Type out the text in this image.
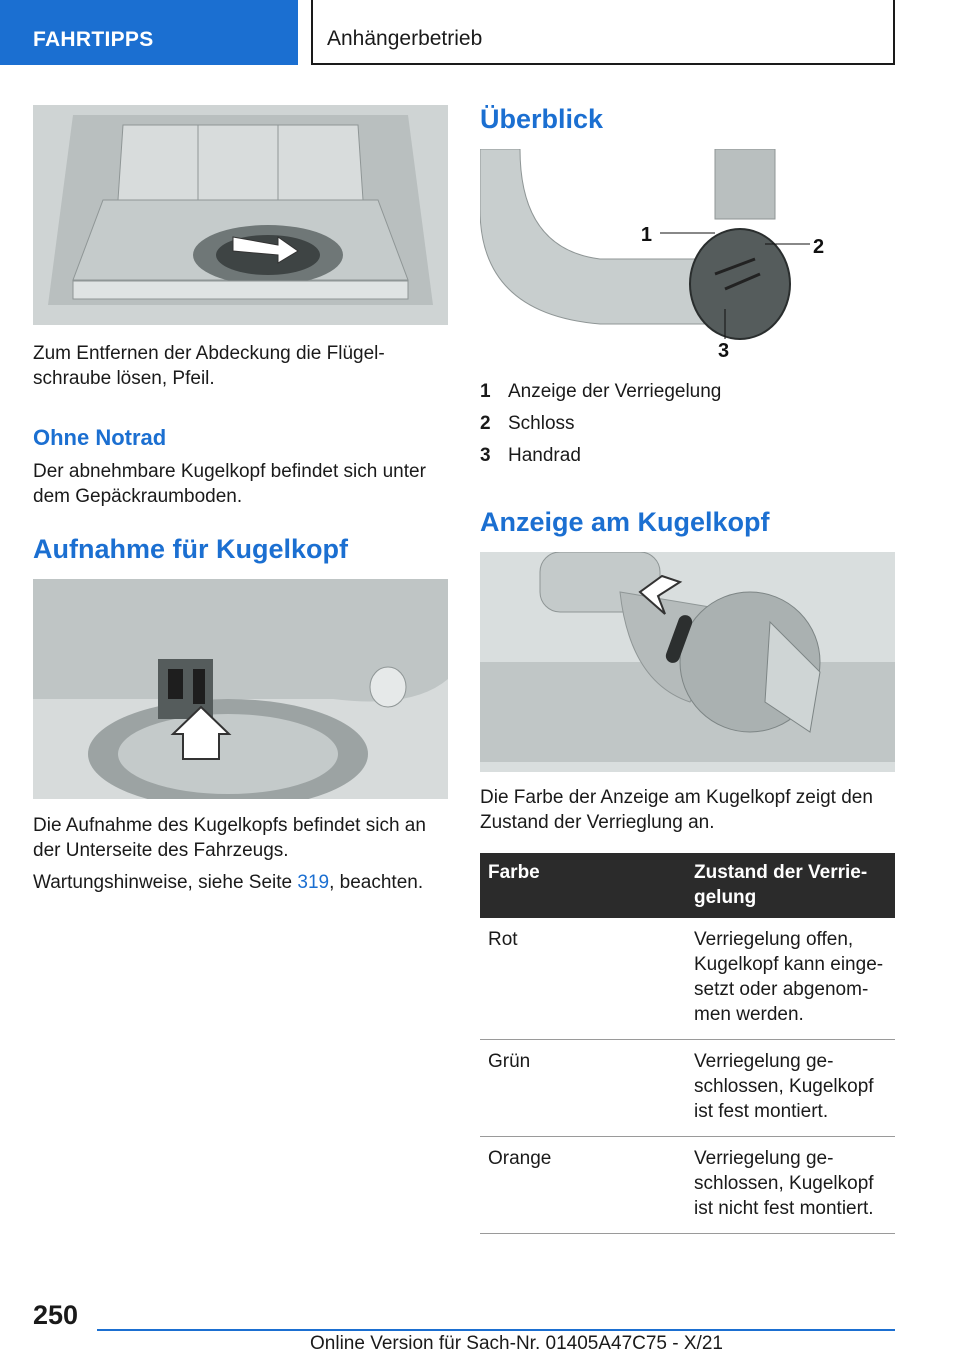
FAHRTIPPS	Anhängerbetrieb

Zum Entfernen der Abdeckung die Flügel-schraube lösen, Pfeil.

Ohne Notrad

Der abnehmbare Kugelkopf befindet sich unter dem Gepäckraumboden.

Aufnahme für Kugelkopf

Die Aufnahme des Kugelkopfs befindet sich an der Unterseite des Fahrzeugs.

Wartungshinweise, siehe Seite 319, beachten.

Überblick

1
2
3
1 Anzeige der Verriegelung
2 Schloss
3 Handrad

Anzeige am Kugelkopf

Die Farbe der Anzeige am Kugelkopf zeigt den Zustand der Verrieglung an.

Farbe	Zustand der Verrie-gelung
Rot	Verriegelung offen, Kugelkopf kann einge-setzt oder abgenom-men werden.
Grün	Verriegelung ge-schlossen, Kugelkopf ist fest montiert.
Orange	Verriegelung ge-schlossen, Kugelkopf ist nicht fest montiert.
250
Online Version für Sach-Nr. 01405A47C75 - X/21
